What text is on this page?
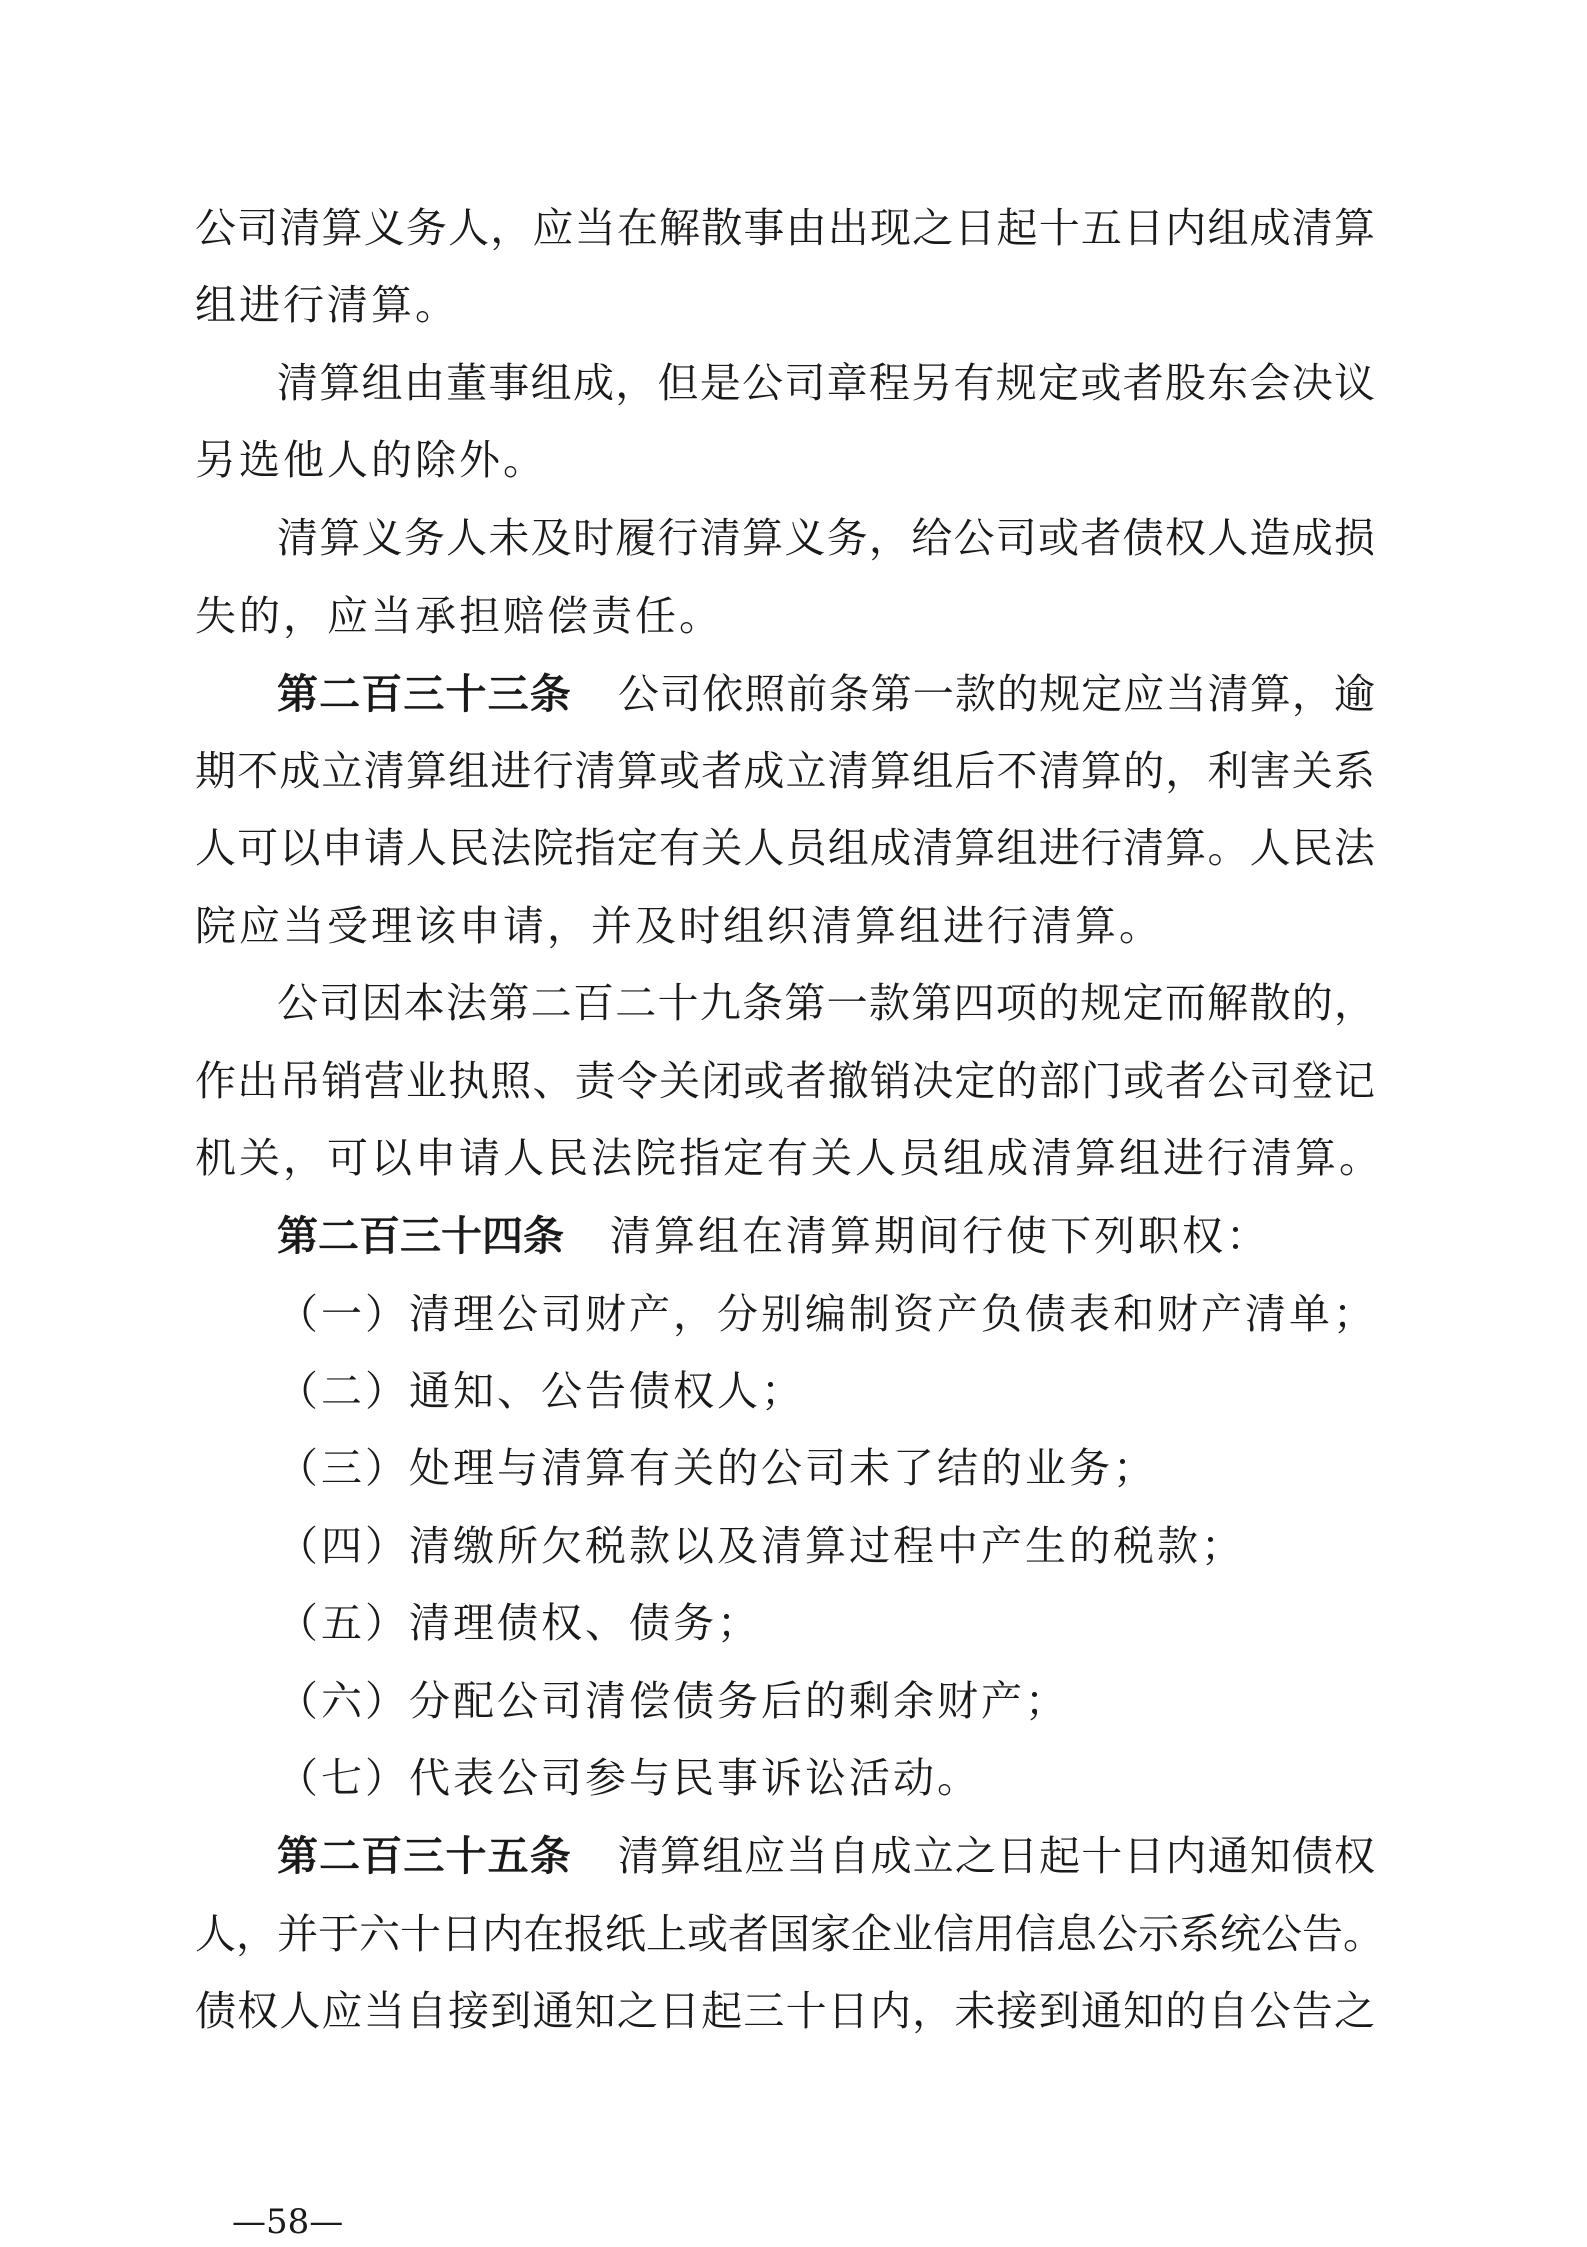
公司清算义务人，应当在解散事由出现之日起十五日内组成清算
组进行清算。
清算组由董事组成，但是公司章程另有规定或者股东会决议
另选他人的除外。
清算义务人未及时履行清算义务，给公司或者债权人造成损
失的，应当承担赔偿责任。
第二百三十三条 公司依照前条第一款的规定应当清算，逾
期不成立清算组进行清算或者成立清算组后不清算的，利害关系
人可以申请人民法院指定有关人员组成清算组进行清算。人民法
院应当受理该申请，并及时组织清算组进行清算。
公司因本法第二百二十九条第一款第四项的规定而解散的，
作出吊销营业执照、责令关闭或者撤销决定的部门或者公司登记
机关，可以申请人民法院指定有关人员组成清算组进行清算。
第二百三十四条 清算组在清算期间行使下列职权：
（一）清理公司财产，分别编制资产负债表和财产清单；
（二）通知、公告债权人；
（三）处理与清算有关的公司未了结的业务；
（四）清缴所欠税款以及清算过程中产生的税款；
（五）清理债权、债务；
（六）分配公司清偿债务后的剩余财产；
（七）代表公司参与民事诉讼活动。
第二百三十五条 清算组应当自成立之日起十日内通知债权
人，并于六十日内在报纸上或者国家企业信用信息公示系统公告。
债权人应当自接到通知之日起三十日内，未接到通知的自公告之
—58—
